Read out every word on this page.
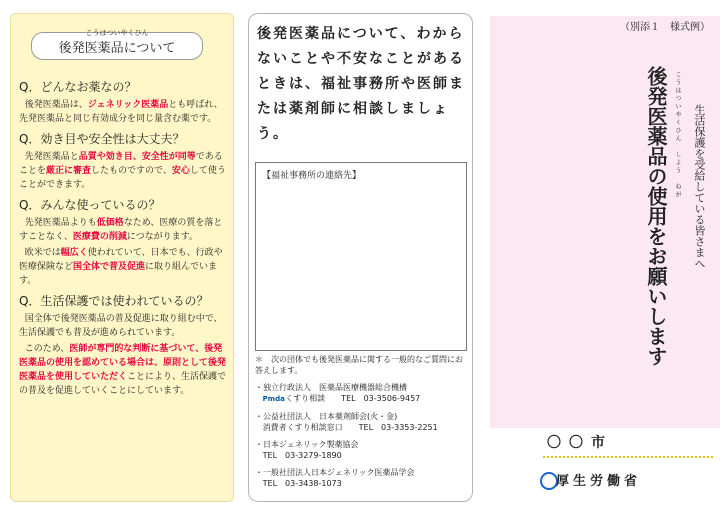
こうはついやくひん
後発医薬品について
Q．どんなお薬なの？

後発医薬品は、ジェネリック医薬品とも呼ばれ、先発医薬品と同じ有効成分を同じ量含む薬です。

Q．効き目や安全性は大丈夫？

先発医薬品と品質や効き目、安全性が同等であることを厳正に審査したものですので、安心して使うことができます。

Q．みんな使っているの？

先発医薬品よりも低価格なため、医療の質を落とすことなく、医療費の削減につながります。

欧米では幅広く使われていて、日本でも、行政や医療保険など国全体で普及促進に取り組んでいます。

Q．生活保護では使われているの？

国全体で後発医薬品の普及促進に取り組む中で、生活保護でも普及が進められています。

このため、医師が専門的な判断に基づいて、後発医薬品の使用を認めている場合は、原則として後発医薬品を使用していただくことにより、生活保護での普及を促進していくことにしています。

後発医薬品について、わからないことや不安なことがあるときは、福祉事務所や医師または薬剤師に相談しましょう。
【福祉事務所の連絡先】

＊　次の団体でも後発医薬品に関する一般的なご質問にお答えします。

・独立行政法人　医薬品医療機器総合機構
Pmda くすり相談　　TEL　03-3506-9457

・公益社団法人　日本薬剤師会(火・金)
消費者くすり相談窓口　　TEL　03-3353-2251

・日本ジェネリック製薬協会
TEL　03-3279-1890

・一般社団法人日本ジェネリック医薬品学会
TEL　03-3438-1073

（別添１　様式例）
後発医薬品の使用をお願いします こうはついやくひん　しよう　ねが 生活保護を受給している皆さまへ
〇〇市
厚生労働省
